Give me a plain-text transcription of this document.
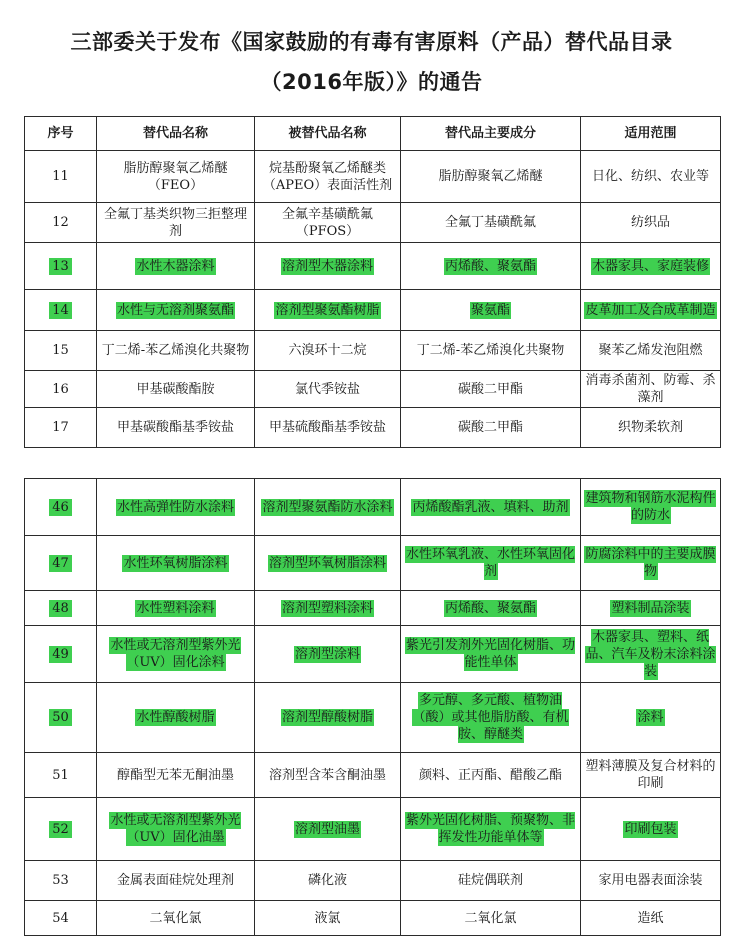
三部委关于发布《国家鼓励的有毒有害原料（产品）替代品目录
（2016年版）》的通告
序号	替代品名称	被替代品名称	替代品主要成分	适用范围
11	脂肪醇聚氧乙烯醚（FEO）	烷基酚聚氧乙烯醚类（APEO）表面活性剂	脂肪醇聚氧乙烯醚	日化、纺织、农业等
12	全氟丁基类织物三拒整理剂	全氟辛基磺酰氟（PFOS）	全氟丁基磺酰氟	纺织品
13	水性木器涂料	溶剂型木器涂料	丙烯酸、聚氨酯	木器家具、家庭装修
14	水性与无溶剂聚氨酯	溶剂型聚氨酯树脂	聚氨酯	皮革加工及合成革制造
15	丁二烯-苯乙烯溴化共聚物	六溴环十二烷	丁二烯-苯乙烯溴化共聚物	聚苯乙烯发泡阻燃
16	甲基碳酸酯胺	氯代季铵盐	碳酸二甲酯	消毒杀菌剂、防霉、杀藻剂
17	甲基碳酸酯基季铵盐	甲基硫酸酯基季铵盐	碳酸二甲酯	织物柔软剂
46	水性高弹性防水涂料	溶剂型聚氨酯防水涂料	丙烯酸酯乳液、填料、助剂	建筑物和钢筋水泥构件的防水
47	水性环氧树脂涂料	溶剂型环氧树脂涂料	水性环氧乳液、水性环氧固化剂	防腐涂料中的主要成膜物
48	水性塑料涂料	溶剂型塑料涂料	丙烯酸、聚氨酯	塑料制品涂装
49	水性或无溶剂型紫外光（UV）固化涂料	溶剂型涂料	紫光引发剂外光固化树脂、功能性单体	木器家具、塑料、纸品、汽车及粉末涂料涂装
50	水性醇酸树脂	溶剂型醇酸树脂	多元醇、多元酸、植物油（酸）或其他脂肪酸、有机胺、醇醚类	涂料
51	醇酯型无苯无酮油墨	溶剂型含苯含酮油墨	颜料、正丙酯、醋酸乙酯	塑料薄膜及复合材料的印刷
52	水性或无溶剂型紫外光（UV）固化油墨	溶剂型油墨	紫外光固化树脂、预聚物、非挥发性功能单体等	印刷包装
53	金属表面硅烷处理剂	磷化液	硅烷偶联剂	家用电器表面涂装
54	二氧化氯	液氯	二氧化氯	造纸
